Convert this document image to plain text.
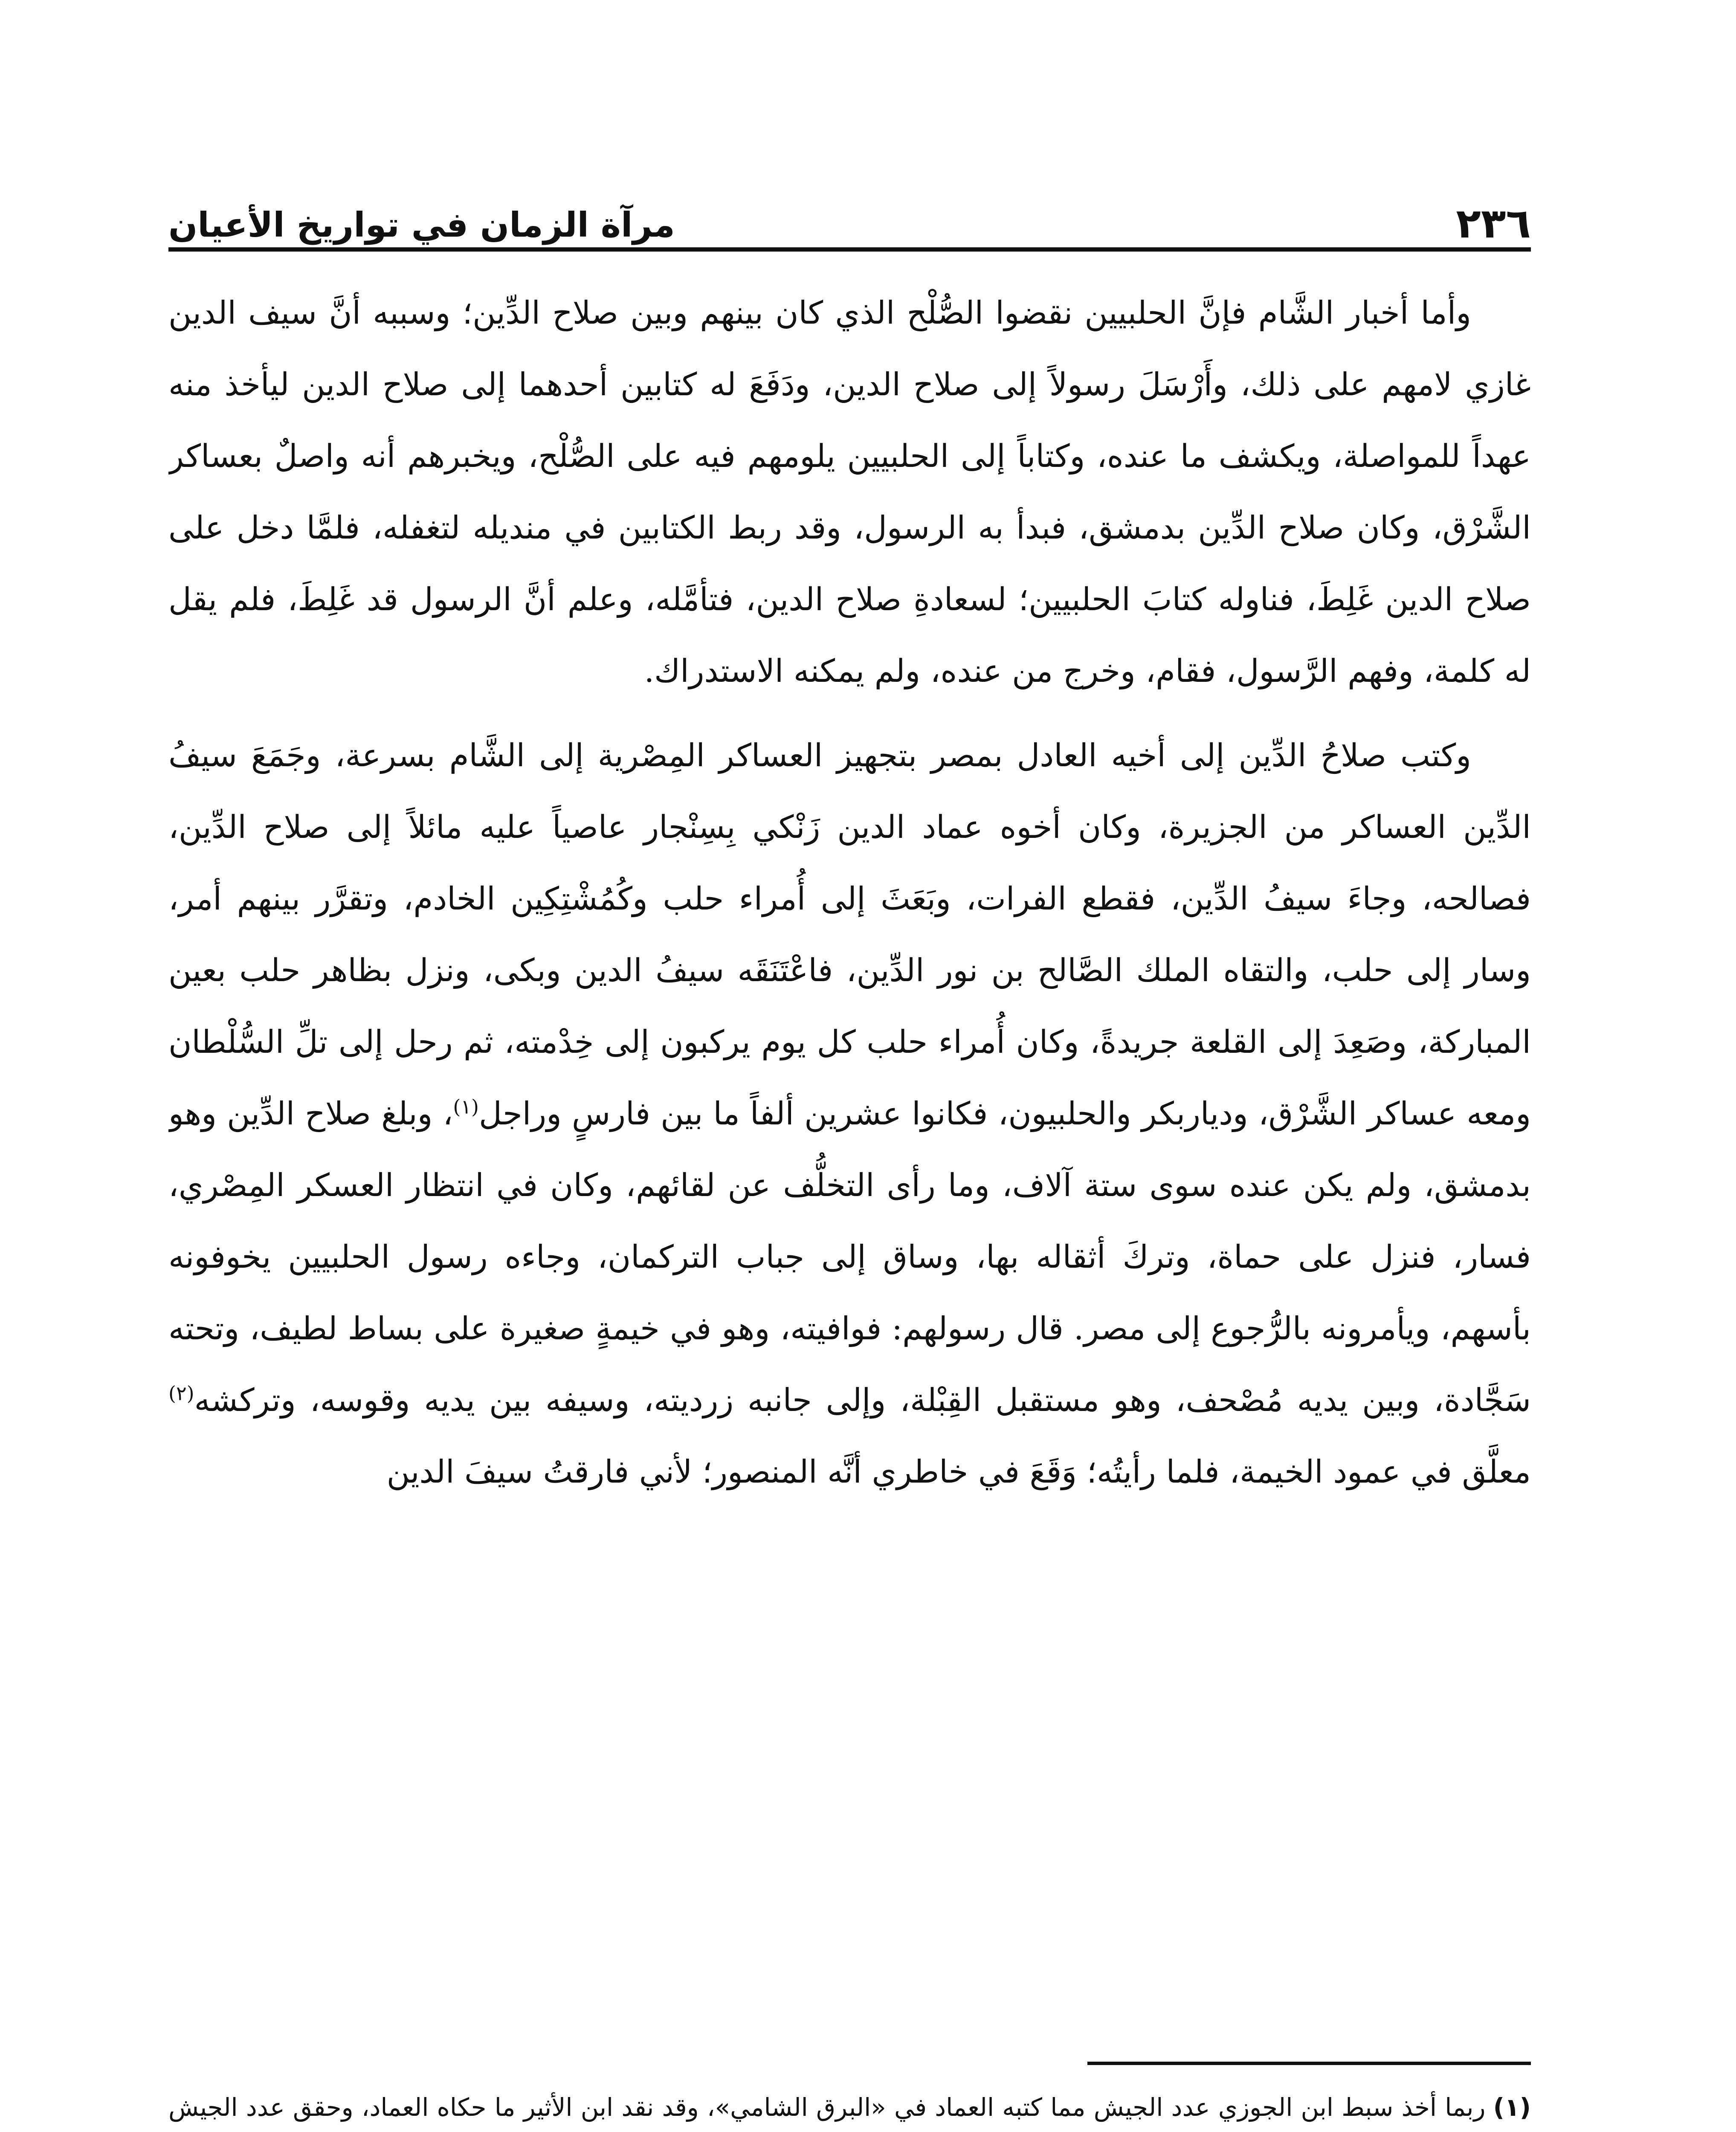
٢٣٦
مرآة الزمان في تواريخ الأعيان

وأما أخبار الشَّام فإنَّ الحلبيين نقضوا الصُّلْح الذي كان بينهم وبين صلاح الدِّين؛ وسببه أنَّ سيف الدين غازي لامهم على ذلك، وأَرْسَلَ رسولاً إلى صلاح الدين، ودَفَعَ له كتابين أحدهما إلى صلاح الدين ليأخذ منه عهداً للمواصلة، ويكشف ما عنده، وكتاباً إلى الحلبيين يلومهم فيه على الصُّلْح، ويخبرهم أنه واصلٌ بعساكر الشَّرْق، وكان صلاح الدِّين بدمشق، فبدأ به الرسول، وقد ربط الكتابين في منديله لتغفله، فلمَّا دخل على صلاح الدين غَلِطَ، فناوله كتابَ الحلبيين؛ لسعادةِ صلاح الدين، فتأمَّله، وعلم أنَّ الرسول قد غَلِطَ، فلم يقل له كلمة، وفهم الرَّسول، فقام، وخرج من عنده، ولم يمكنه الاستدراك.

وكتب صلاحُ الدِّين إلى أخيه العادل بمصر بتجهيز العساكر المِصْرية إلى الشَّام بسرعة، وجَمَعَ سيفُ الدِّين العساكر من الجزيرة، وكان أخوه عماد الدين زَنْكي بِسِنْجار عاصياً عليه مائلاً إلى صلاح الدِّين، فصالحه، وجاءَ سيفُ الدِّين، فقطع الفرات، وبَعَثَ إلى أُمراء حلب وكُمُشْتِكِين الخادم، وتقرَّر بينهم أمر، وسار إلى حلب، والتقاه الملك الصَّالح بن نور الدِّين، فاعْتَنَقَه سيفُ الدين وبكى، ونزل بظاهر حلب بعين المباركة، وصَعِدَ إلى القلعة جريدةً، وكان أُمراء حلب كل يوم يركبون إلى خِدْمته، ثم رحل إلى تلِّ السُّلْطان ومعه عساكر الشَّرْق، ودياربكر والحلبيون، فكانوا عشرين ألفاً ما بين فارسٍ وراجل$^{(١)}$، وبلغ صلاح الدِّين وهو بدمشق، ولم يكن عنده سوى ستة آلاف، وما رأى التخلُّف عن لقائهم، وكان في انتظار العسكر المِصْري، فسار، فنزل على حماة، وتركَ أثقاله بها، وساق إلى جباب التركمان، وجاءه رسول الحلبيين يخوفونه بأسهم، ويأمرونه بالرُّجوع إلى مصر. قال رسولهم: فوافيته، وهو في خيمةٍ صغيرة على بساط لطيف، وتحته سَجَّادة، وبين يديه مُصْحف، وهو مستقبل القِبْلة، وإلى جانبه زرديته، وسيفه بين يديه وقوسه، وتركشه$^{(٢)}$ معلَّق في عمود الخيمة، فلما رأيتُه؛ وَقَعَ في خاطري أنَّه المنصور؛ لأني فارقتُ سيفَ الدين

(١)ربما أخذ سبط ابن الجوزي عدد الجيش مما كتبه العماد في «البرق الشامي»، وقد نقد ابن الأثير ما حكاه العماد، وحقق عدد الجيش
